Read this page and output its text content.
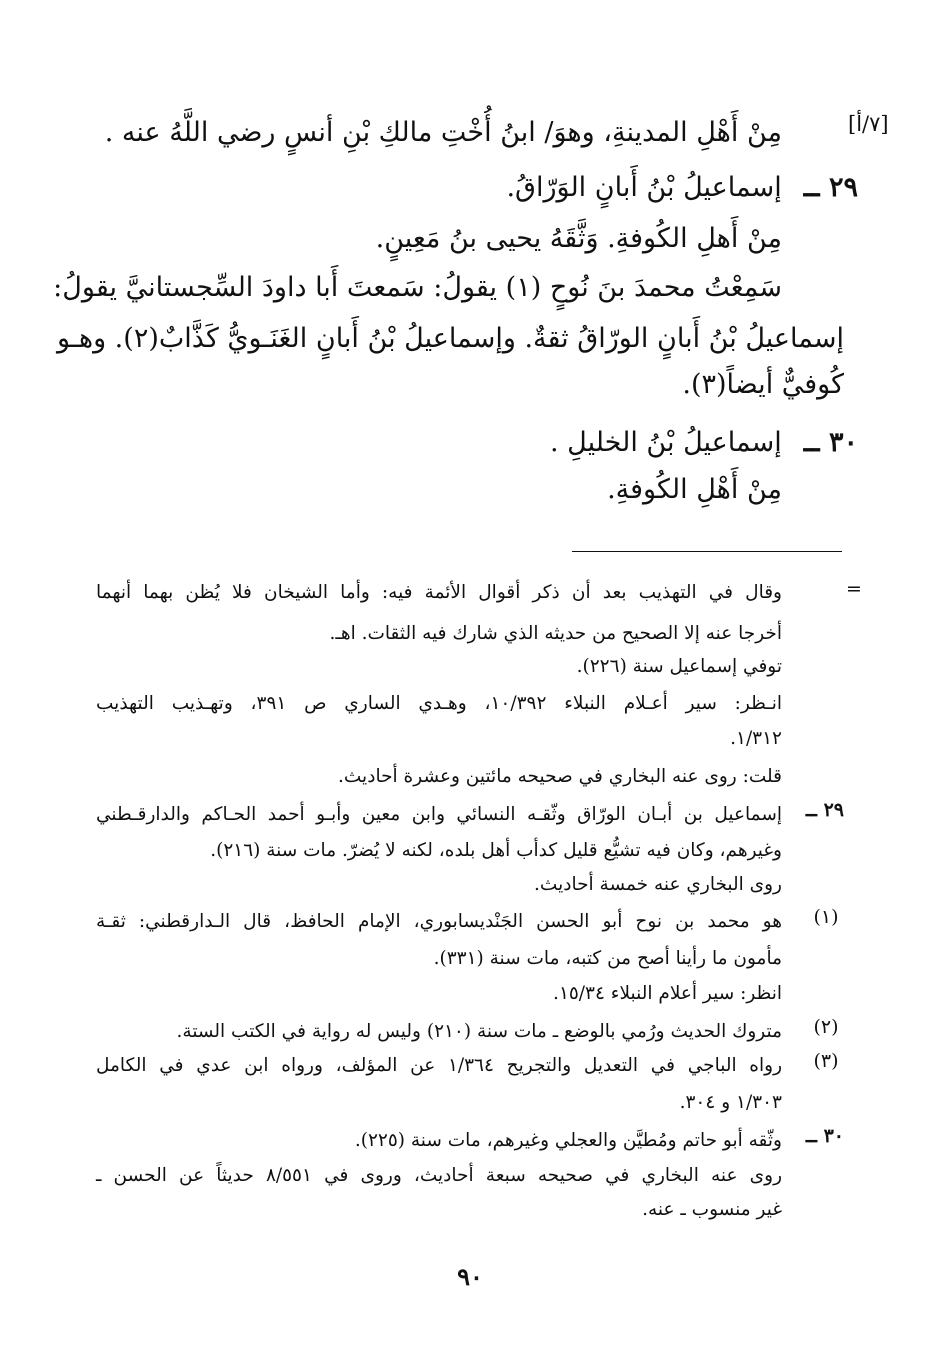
[٧/أ]
مِنْ أَهْلِ المدينةِ، وهوَ/ ابنُ أُخْتِ مالكِ بْنِ أنسٍ رضي اللَّهُ عنه .
٢٩ ــإسماعيلُ بْنُ أَبانٍ الوَرّاقُ.
مِنْ أَهلِ الكُوفةِ. وَثَّقَهُ يحيى بنُ مَعِينٍ.
سَمِعْتُ محمدَ بنَ نُوحٍ (١) يقولُ: سَمعتَ أَبا داودَ السِّجستانيَّ يقولُ:
إسماعيلُ بْنُ أَبانٍ الورّاقُ ثقةٌ. وإسماعيلُ بْنُ أَبانٍ الغَنَـويُّ كَذَّابٌ(٢). وهـو
كُوفيٌّ أيضاً(٣).
٣٠ ــإسماعيلُ بْنُ الخليلِ .
مِنْ أَهْلِ الكُوفةِ.
=
وقال في التهذيب بعد أن ذكر أقوال الأئمة فيه: وأما الشيخان فلا يُظن بهما أنهما
أخرجا عنه إلا الصحيح من حديثه الذي شارك فيه الثقات. اهـ.
توفي إسماعيل سنة (٢٢٦).
انـظر: سير أعـلام النبلاء ١٠/٣٩٢، وهـدي الساري ص ٣٩١، وتهـذيب التهذيب
١/٣١٢.
قلت: روى عنه البخاري في صحيحه مائتين وعشرة أحاديث.
٢٩ ــ
إسماعيل بن أبـان الورّاق وثّقـه النسائي وابن معين وأبـو أحمد الحـاكم والدارقـطني
وغيرهم، وكان فيه تشيُّع قليل كدأب أهل بلده، لكنه لا يُضرّ. مات سنة (٢١٦).
روى البخاري عنه خمسة أحاديث.
(١)
هو محمد بن نوح أبو الحسن الجَنْديسابوري، الإمام الحافظ، قال الـدارقطني: ثقـة
مأمون ما رأينا أصح من كتبه، مات سنة (٣٣١).
انظر: سير أعلام النبلاء ١٥/٣٤.
(٢)
متروك الحديث ورُمي بالوضع ـ مات سنة (٢١٠) وليس له رواية في الكتب الستة.
(٣)
رواه الباجي في التعديل والتجريح ١/٣٦٤ عن المؤلف، ورواه ابن عدي في الكامل
١/٣٠٣ و ٣٠٤.
٣٠ ــ
وثّقه أبو حاتم ومُطيَّن والعجلي وغيرهم، مات سنة (٢٢٥).
روى عنه البخاري في صحيحه سبعة أحاديث، وروى في ٨/٥٥١ حديثاً عن الحسن ـ
غير منسوب ـ عنه.
٩٠
